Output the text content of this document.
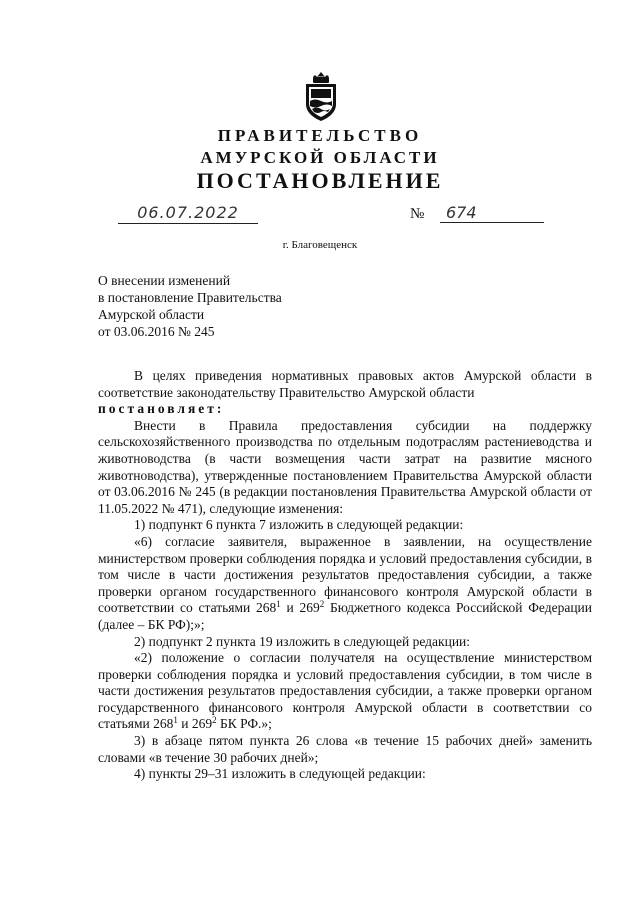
ПРАВИТЕЛЬСТВО
АМУРСКОЙ ОБЛАСТИ
ПОСТАНОВЛЕНИЕ
06.07.2022	№	674
г. Благовещенск
О внесении изменений
в постановление Правительства
Амурской области
от 03.06.2016 № 245

В целях приведения нормативных правовых актов Амурской области в соответствие законодательству Правительство Амурской области

постановляет:

Внести в Правила предоставления субсидии на поддержку сельскохозяйственного производства по отдельным подотраслям растениеводства и животноводства (в части возмещения части затрат на развитие мясного животноводства), утвержденные постановлением Правительства Амурской области от 03.06.2016 № 245 (в редакции постановления Правительства Амурской области от 11.05.2022 № 471), следующие изменения:

1) подпункт 6 пункта 7 изложить в следующей редакции:

«6) согласие заявителя, выраженное в заявлении, на осуществление министерством проверки соблюдения порядка и условий предоставления субсидии, в том числе в части достижения результатов предоставления субсидии, а также проверки органом государственного финансового контроля Амурской области в соответствии со статьями $268^1$ и $269^2$ Бюджетного кодекса Российской Федерации (далее – БК РФ);»;

2) подпункт 2 пункта 19 изложить в следующей редакции:

«2) положение о согласии получателя на осуществление министерством проверки соблюдения порядка и условий предоставления субсидии, в том числе в части достижения результатов предоставления субсидии, а также проверки органом государственного финансового контроля Амурской области в соответствии со статьями $268^1$ и $269^2$ БК РФ.»;

3) в абзаце пятом пункта 26 слова «в течение 15 рабочих дней» заменить словами «в течение 30 рабочих дней»;

4) пункты 29–31 изложить в следующей редакции:
